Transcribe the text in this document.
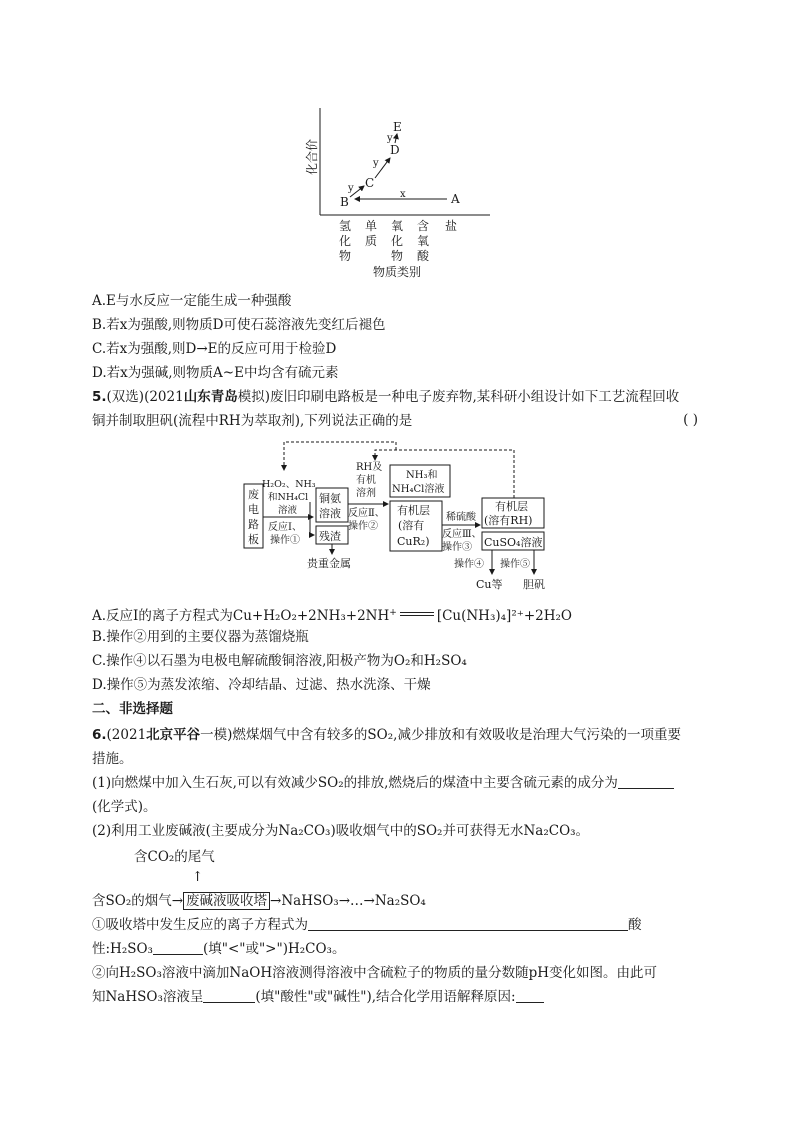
化合价
A
B
C
D
E
x
y
y
y
氢
化
物
单
质
氧
化
物
含
氧
酸
盐
物质类别
A.E与水反应一定能生成一种强酸
B.若x为强酸,则物质D可使石蕊溶液先变红后褪色
C.若x为强酸,则D→E的反应可用于检验D
D.若x为强碱,则物质A~E中均含有硫元素
5.(双选)(2021山东青岛模拟)废旧印刷电路板是一种电子废弃物,某科研小组设计如下工艺流程回收
铜并制取胆矾(流程中RH为萃取剂),下列说法正确的是	( )
废
电
路
板
H₂O₂、NH₃
和NH₄Cl
溶液
反应Ⅰ、
操作①
铜氨
溶液
残渣
贵重金属
RH及
有机
溶剂
反应Ⅱ、
操作②
NH₃和
NH₄Cl溶液
有机层
(溶有
CuR₂)
稀硫酸
反应Ⅲ、
操作③
有机层
(溶有RH)
CuSO₄溶液
操作④ 操作⑤
Cu等 胆矾
A.反应Ⅰ的离子方程式为Cu+H₂O₂+2NH₃+2NH+	[Cu(NH₃)₄]²⁺+2H₂O
B.操作②用到的主要仪器为蒸馏烧瓶
C.操作④以石墨为电极电解硫酸铜溶液,阳极产物为O₂和H₂SO₄
D.操作⑤为蒸发浓缩、冷却结晶、过滤、热水洗涤、干燥
二、非选择题
6.(2021北京平谷一模)燃煤烟气中含有较多的SO₂,减少排放和有效吸收是治理大气污染的一项重要
措施。
(1)向燃煤中加入生石灰,可以有效减少SO₂的排放,燃烧后的煤渣中主要含硫元素的成分为
(化学式)。
(2)利用工业废碱液(主要成分为Na₂CO₃)吸收烟气中的SO₂并可获得无水Na₂CO₃。
含CO₂的尾气
↑
含SO₂的烟气→ 废碱液吸收塔 →NaHSO₃→…→Na₂SO₄
①吸收塔中发生反应的离子方程式为	酸
性:H₂SO₃	(填"<"或">")H₂CO₃。
②向H₂SO₃溶液中滴加NaOH溶液测得溶液中含硫粒子的物质的量分数随pH变化如图。由此可
知NaHSO₃溶液呈	(填"酸性"或"碱性"),结合化学用语解释原因:
